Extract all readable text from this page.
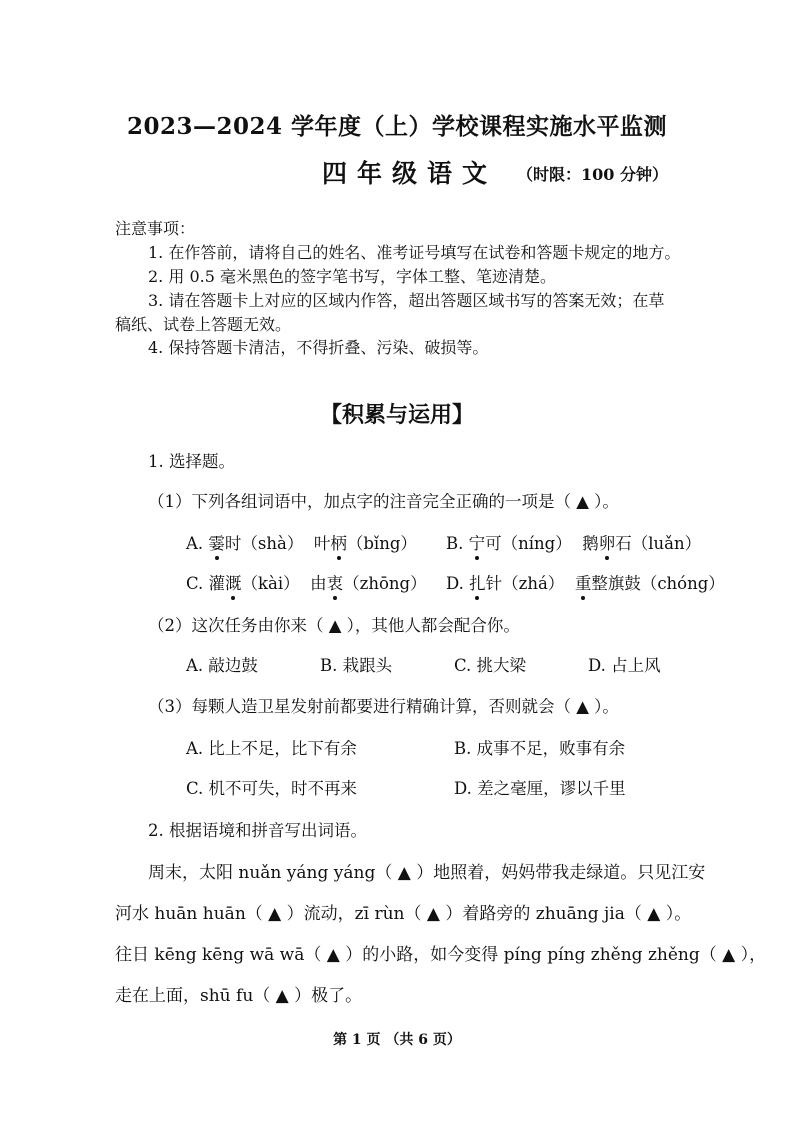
2023—2024 学年度（上）学校课程实施水平监测
四年级语文 （时限：100 分钟）
注意事项：
1. 在作答前，请将自己的姓名、准考证号填写在试卷和答题卡规定的地方。
2. 用 0.5 毫米黑色的签字笔书写，字体工整、笔迹清楚。
3. 请在答题卡上对应的区域内作答，超出答题区域书写的答案无效；在草
稿纸、试卷上答题无效。
4. 保持答题卡清洁，不得折叠、污染、破损等。
【积累与运用】
1. 选择题。
（1）下列各组词语中，加点字的注音完全正确的一项是（ ▲ ）。
A. 霎时（shà） 叶柄（bǐng） B. 宁可（níng） 鹅卵石（luǎn）
C. 灌溉（kài） 由衷（zhōng） D. 扎针（zhá） 重整旗鼓（chóng）
（2）这次任务由你来（ ▲ ），其他人都会配合你。
A. 敲边鼓	B. 栽跟头	C. 挑大梁	D. 占上风
（3）每颗人造卫星发射前都要进行精确计算，否则就会（ ▲ ）。
A. 比上不足，比下有余	B. 成事不足，败事有余
C. 机不可失，时不再来	D. 差之毫厘，谬以千里
2. 根据语境和拼音写出词语。
周末，太阳 nuǎn yáng yáng（ ▲ ）地照着，妈妈带我走绿道。只见江安
河水 huān huān（ ▲ ）流动，zī rùn（ ▲ ）着路旁的 zhuāng jia（ ▲ ）。
往日 kēng kēng wā wā（ ▲ ）的小路，如今变得 píng píng zhěng zhěng（ ▲ ），
走在上面，shū fu（ ▲ ）极了。
第 1 页 （共 6 页）
